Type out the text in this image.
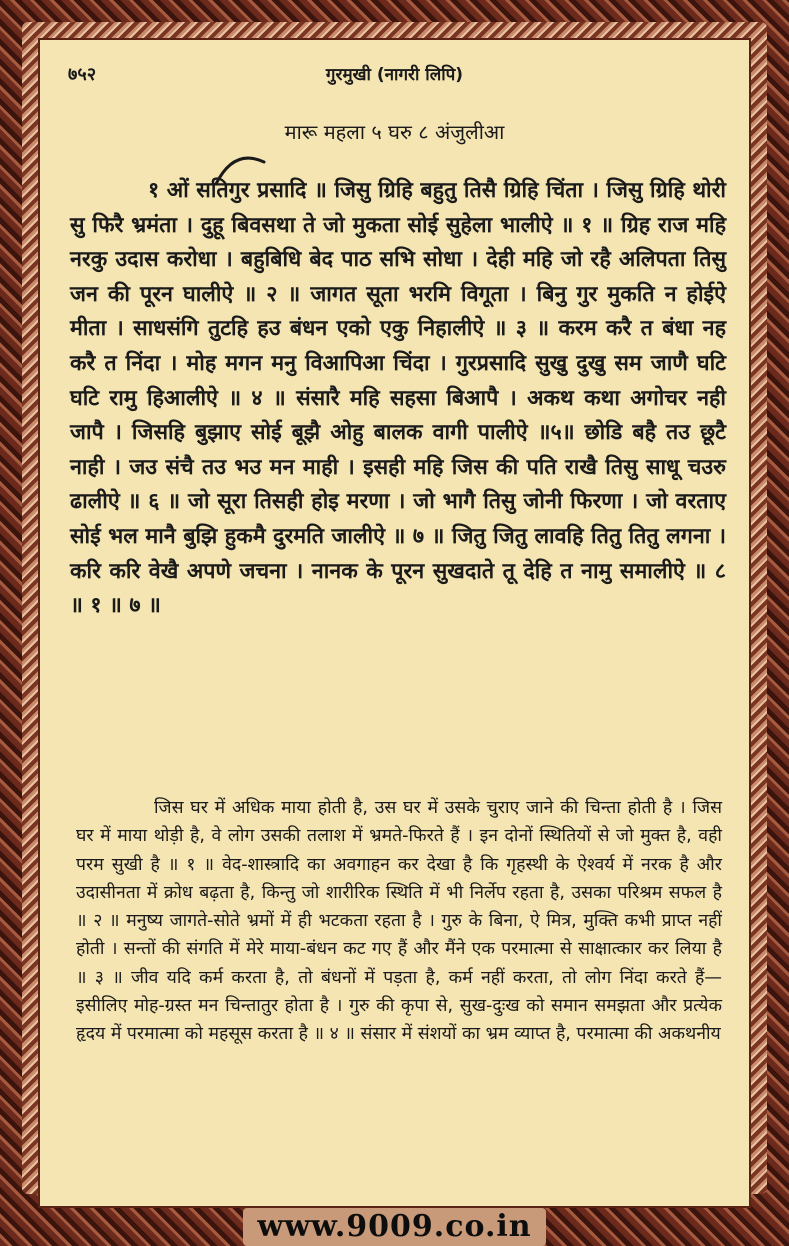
७५२	गुरमुखी (नागरी लिपि)
मारू महला ५ घरु ८ अंजुलीआ

१ ओं सतिगुर प्रसादि ॥ जिसु ग्रिहि बहुतु तिसै ग्रिहि चिंता । जिसु ग्रिहि थोरी सु फिरै भ्रमंता । दुहू बिवसथा ते जो मुकता सोई सुहेला भालीऐ ॥ १ ॥ ग्रिह राज महि नरकु उदास करोधा । बहुबिधि बेद पाठ सभि सोधा । देही महि जो रहै अलिपता तिसु जन की पूरन घालीऐ ॥ २ ॥ जागत सूता भरमि विगूता । बिनु गुर मुकति न होईऐ मीता । साधसंगि तुटहि हउ बंधन एको एकु निहालीऐ ॥ ३ ॥ करम करै त बंधा नह करै त निंदा । मोह मगन मनु विआपिआ चिंदा । गुरप्रसादि सुखु दुखु सम जाणै घटि घटि रामु हिआलीऐ ॥ ४ ॥ संसारै महि सहसा बिआपै । अकथ कथा अगोचर नही जापै । जिसहि बुझाए सोई बूझै ओहु बालक वागी पालीऐ ॥५॥ छोडि बहै तउ छूटै नाही । जउ संचै तउ भउ मन माही । इसही महि जिस की पति राखै तिसु साधू चउरु ढालीऐ ॥ ६ ॥ जो सूरा तिसही होइ मरणा । जो भागै तिसु जोनी फिरणा । जो वरताए सोई भल मानै बुझि हुकमै दुरमति जालीऐ ॥ ७ ॥ जितु जितु लावहि तितु तितु लगना । करि करि वेखै अपणे जचना । नानक के पूरन सुखदाते तू देहि त नामु समालीऐ ॥ ८ ॥ १ ॥ ७ ॥

जिस घर में अधिक माया होती है, उस घर में उसके चुराए जाने की चिन्ता होती है । जिस घर में माया थोड़ी है, वे लोग उसकी तलाश में भ्रमते-फिरते हैं । इन दोनों स्थितियों से जो मुक्त है, वही परम सुखी है ॥ १ ॥ वेद-शास्त्रादि का अवगाहन कर देखा है कि गृहस्थी के ऐश्वर्य में नरक है और उदासीनता में क्रोध बढ़ता है, किन्तु जो शारीरिक स्थिति में भी निर्लेप रहता है, उसका परिश्रम सफल है ॥ २ ॥ मनुष्य जागते-सोते भ्रमों में ही भटकता रहता है । गुरु के बिना, ऐ मित्र, मुक्ति कभी प्राप्त नहीं होती । सन्तों की संगति में मेरे माया-बंधन कट गए हैं और मैंने एक परमात्मा से साक्षात्कार कर लिया है ॥ ३ ॥ जीव यदि कर्म करता है, तो बंधनों में पड़ता है, कर्म नहीं करता, तो लोग निंदा करते हैं— इसीलिए मोह-ग्रस्त मन चिन्तातुर होता है । गुरु की कृपा से, सुख-दुःख को समान समझता और प्रत्येक हृदय में परमात्मा को महसूस करता है ॥ ४ ॥ संसार में संशयों का भ्रम व्याप्त है, परमात्मा की अकथनीय

www.9009.co.in
